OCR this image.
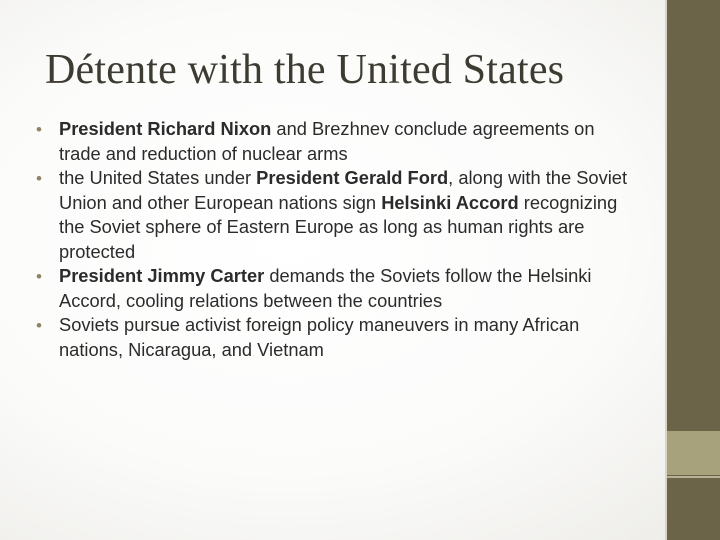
Détente with the United States
• President Richard Nixon and Brezhnev conclude agreements on trade and reduction of nuclear arms
• the United States under President Gerald Ford, along with the Soviet Union and other European nations sign Helsinki Accord recognizing the Soviet sphere of Eastern Europe as long as human rights are protected
• President Jimmy Carter demands the Soviets follow the Helsinki Accord, cooling relations between the countries
• Soviets pursue activist foreign policy maneuvers in many African nations, Nicaragua, and Vietnam
